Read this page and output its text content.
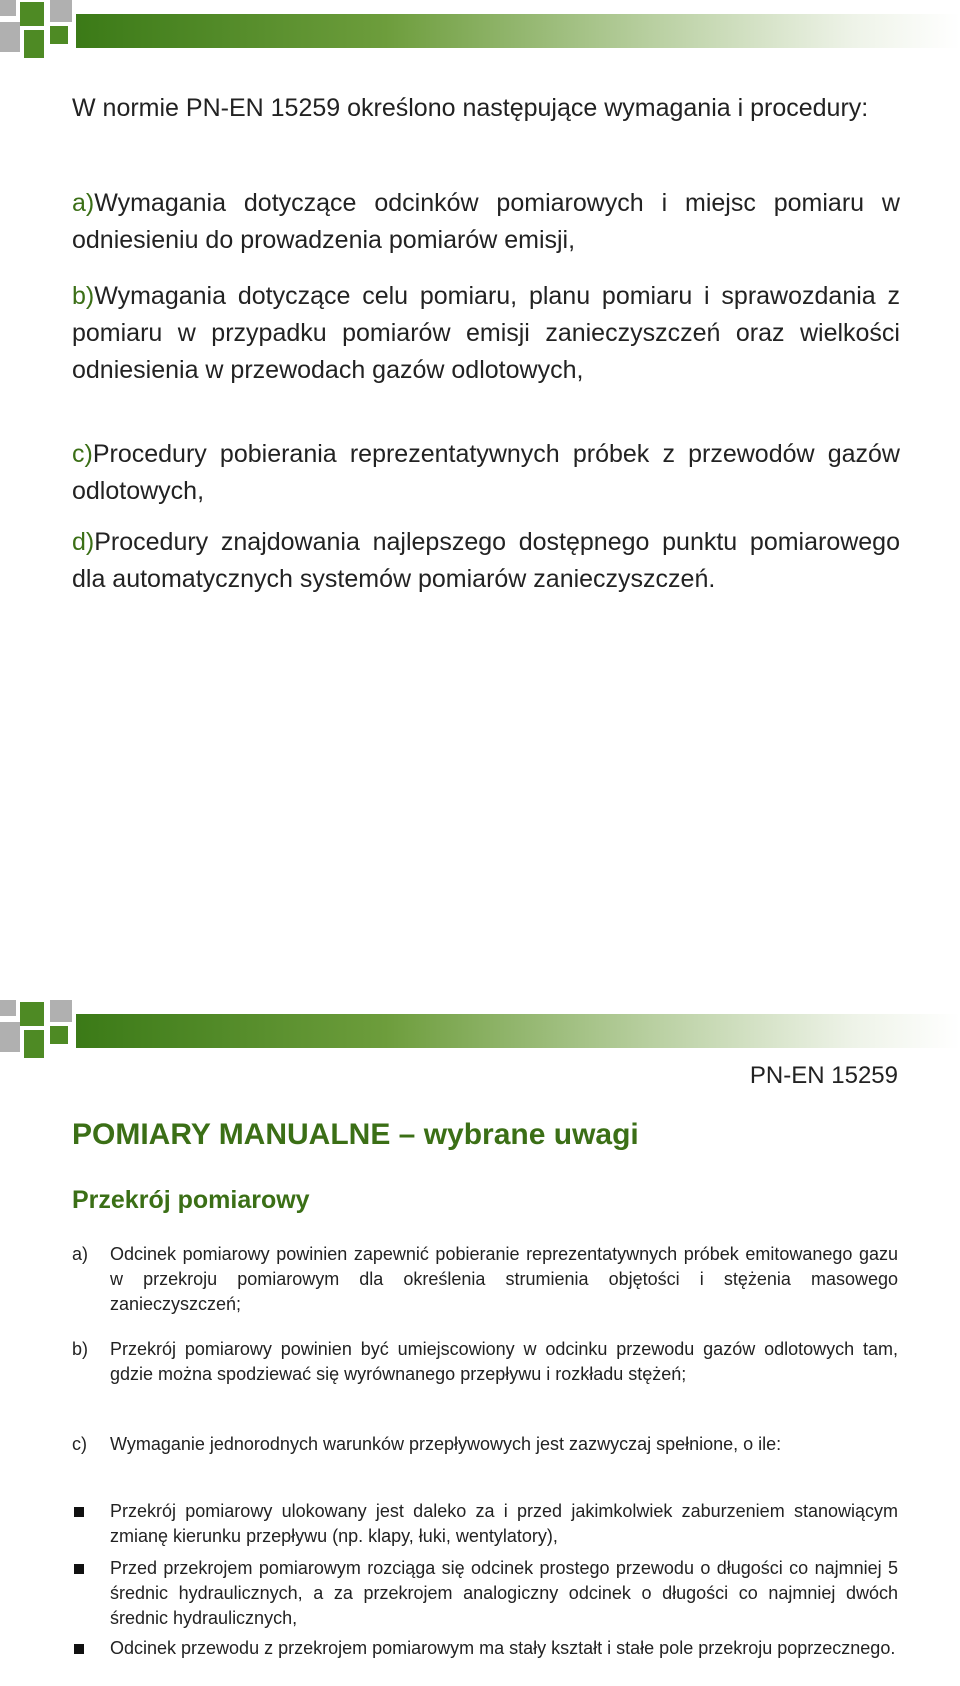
W normie PN-EN 15259 określono następujące wymagania i procedury:
a)Wymagania dotyczące odcinków pomiarowych i miejsc pomiaru w odniesieniu do prowadzenia pomiarów emisji,
b)Wymagania dotyczące celu pomiaru, planu pomiaru i sprawozdania z pomiaru w przypadku pomiarów emisji zanieczyszczeń oraz wielkości odniesienia w przewodach gazów odlotowych,
c)Procedury pobierania reprezentatywnych próbek z przewodów gazów odlotowych,
d)Procedury znajdowania najlepszego dostępnego punktu pomiarowego dla automatycznych systemów pomiarów zanieczyszczeń.
PN-EN 15259
POMIARY MANUALNE – wybrane uwagi
Przekrój pomiarowy
a) Odcinek pomiarowy powinien zapewnić pobieranie reprezentatywnych próbek emitowanego gazu w przekroju pomiarowym dla określenia strumienia objętości i stężenia masowego zanieczyszczeń;
b) Przekrój pomiarowy powinien być umiejscowiony w odcinku przewodu gazów odlotowych tam, gdzie można spodziewać się wyrównanego przepływu i rozkładu stężeń;
c) Wymaganie jednorodnych warunków przepływowych jest zazwyczaj spełnione, o ile:
Przekrój pomiarowy ulokowany jest daleko za i przed jakimkolwiek zaburzeniem stanowiącym zmianę kierunku przepływu (np. klapy, łuki, wentylatory),
Przed przekrojem pomiarowym rozciąga się odcinek prostego przewodu o długości co najmniej 5 średnic hydraulicznych, a za przekrojem analogiczny odcinek o długości co najmniej dwóch średnic hydraulicznych,
Odcinek przewodu z przekrojem pomiarowym ma stały kształt i stałe pole przekroju poprzecznego.
